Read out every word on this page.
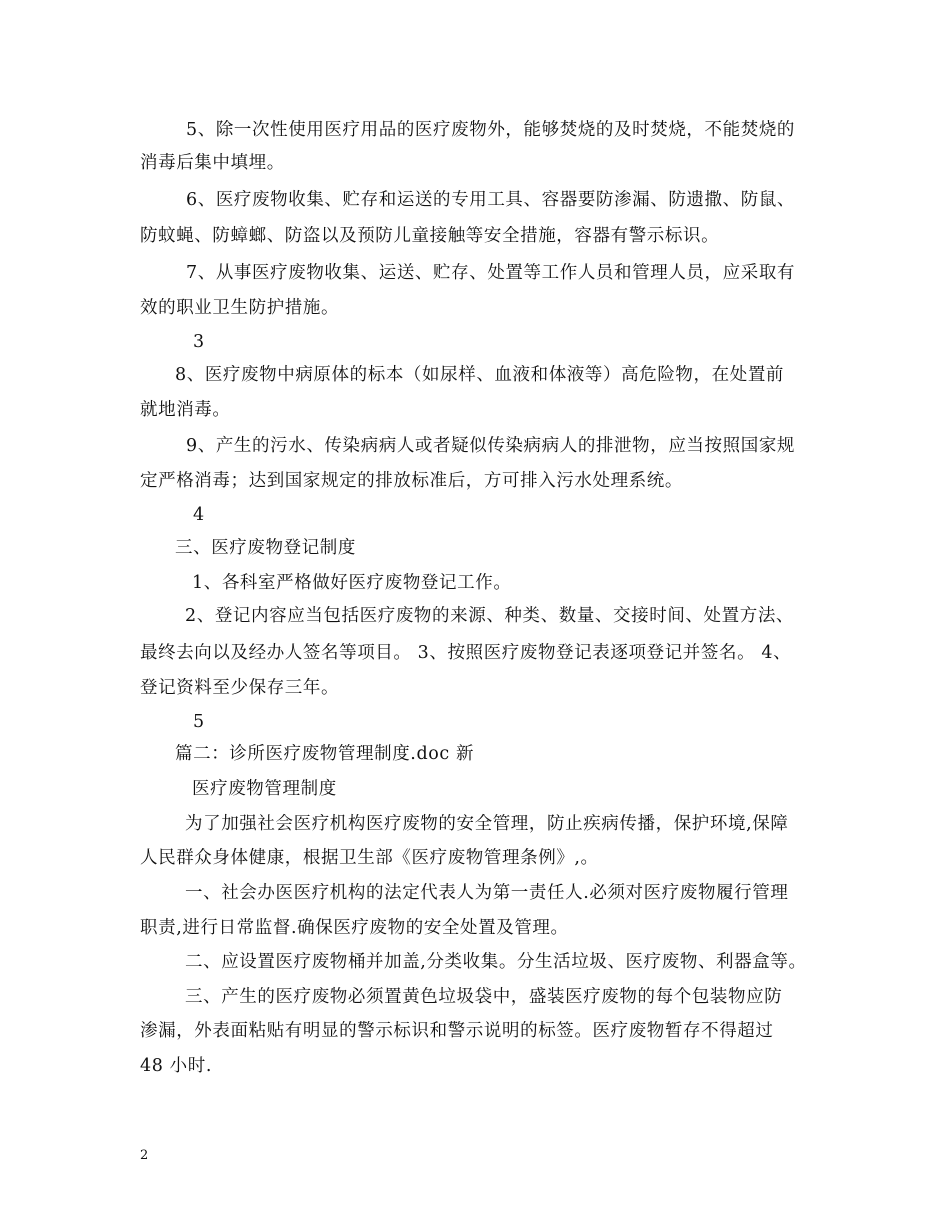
5、除一次性使用医疗用品的医疗废物外，能够焚烧的及时焚烧，不能焚烧的
消毒后集中填埋。
6、医疗废物收集、贮存和运送的专用工具、容器要防渗漏、防遗撒、防鼠、
防蚊蝇、防蟑螂、防盗以及预防儿童接触等安全措施，容器有警示标识。
7、从事医疗废物收集、运送、贮存、处置等工作人员和管理人员，应采取有
效的职业卫生防护措施。
3
8、医疗废物中病原体的标本（如尿样、血液和体液等）高危险物，在处置前
就地消毒。
9、产生的污水、传染病病人或者疑似传染病病人的排泄物，应当按照国家规
定严格消毒；达到国家规定的排放标准后，方可排入污水处理系统。
4
三、医疗废物登记制度
1、各科室严格做好医疗废物登记工作。
2、登记内容应当包括医疗废物的来源、种类、数量、交接时间、处置方法、
最终去向以及经办人签名等项目。 3、按照医疗废物登记表逐项登记并签名。 4、
登记资料至少保存三年。
5
篇二：诊所医疗废物管理制度.doc 新
医疗废物管理制度
为了加强社会医疗机构医疗废物的安全管理，防止疾病传播，保护环境,保障
人民群众身体健康，根据卫生部《医疗废物管理条例》,。
一、社会办医医疗机构的法定代表人为第一责任人.必须对医疗废物履行管理
职责,进行日常监督.确保医疗废物的安全处置及管理。
二、应设置医疗废物桶并加盖,分类收集。分生活垃圾、医疗废物、利器盒等。
三、产生的医疗废物必须置黄色垃圾袋中，盛装医疗废物的每个包装物应防
渗漏，外表面粘贴有明显的警示标识和警示说明的标签。医疗废物暂存不得超过
48 小时.
2
